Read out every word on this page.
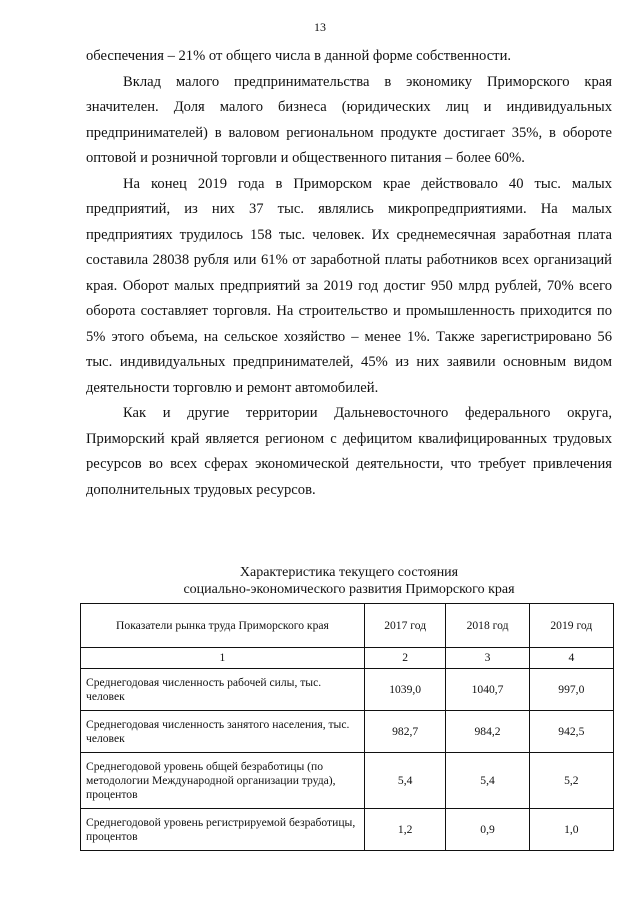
13

обеспечения – 21% от общего числа в данной форме собственности.

Вклад малого предпринимательства в экономику Приморского края значителен. Доля малого бизнеса (юридических лиц и индивидуальных предпринимателей) в валовом региональном продукте достигает 35%, в обороте оптовой и розничной торговли и общественного питания – более 60%.

На конец 2019 года в Приморском крае действовало 40 тыс. малых предприятий, из них 37 тыс. являлись микропредприятиями. На малых предприятиях трудилось 158 тыс. человек. Их среднемесячная заработная плата составила 28038 рубля или 61% от заработной платы работников всех организаций края. Оборот малых предприятий за 2019 год достиг 950 млрд рублей, 70% всего оборота составляет торговля. На строительство и промышленность приходится по 5% этого объема, на сельское хозяйство – менее 1%. Также зарегистрировано 56 тыс. индивидуальных предпринимателей, 45% из них заявили основным видом деятельности торговлю и ремонт автомобилей.

Как и другие территории Дальневосточного федерального округа, Приморский край является регионом с дефицитом квалифицированных трудовых ресурсов во всех сферах экономической деятельности, что требует привлечения дополнительных трудовых ресурсов.

Характеристика текущего состояния
социально-экономического развития Приморского края
Показатели рынка труда Приморского края	2017 год	2018 год	2019 год
1	2	3	4
Среднегодовая численность рабочей силы, тыс. человек	1039,0	1040,7	997,0
Среднегодовая численность занятого населения, тыс. человек	982,7	984,2	942,5
Среднегодовой уровень общей безработицы (по методологии Международной организации труда), процентов	5,4	5,4	5,2
Среднегодовой уровень регистрируемой безработицы, процентов	1,2	0,9	1,0
